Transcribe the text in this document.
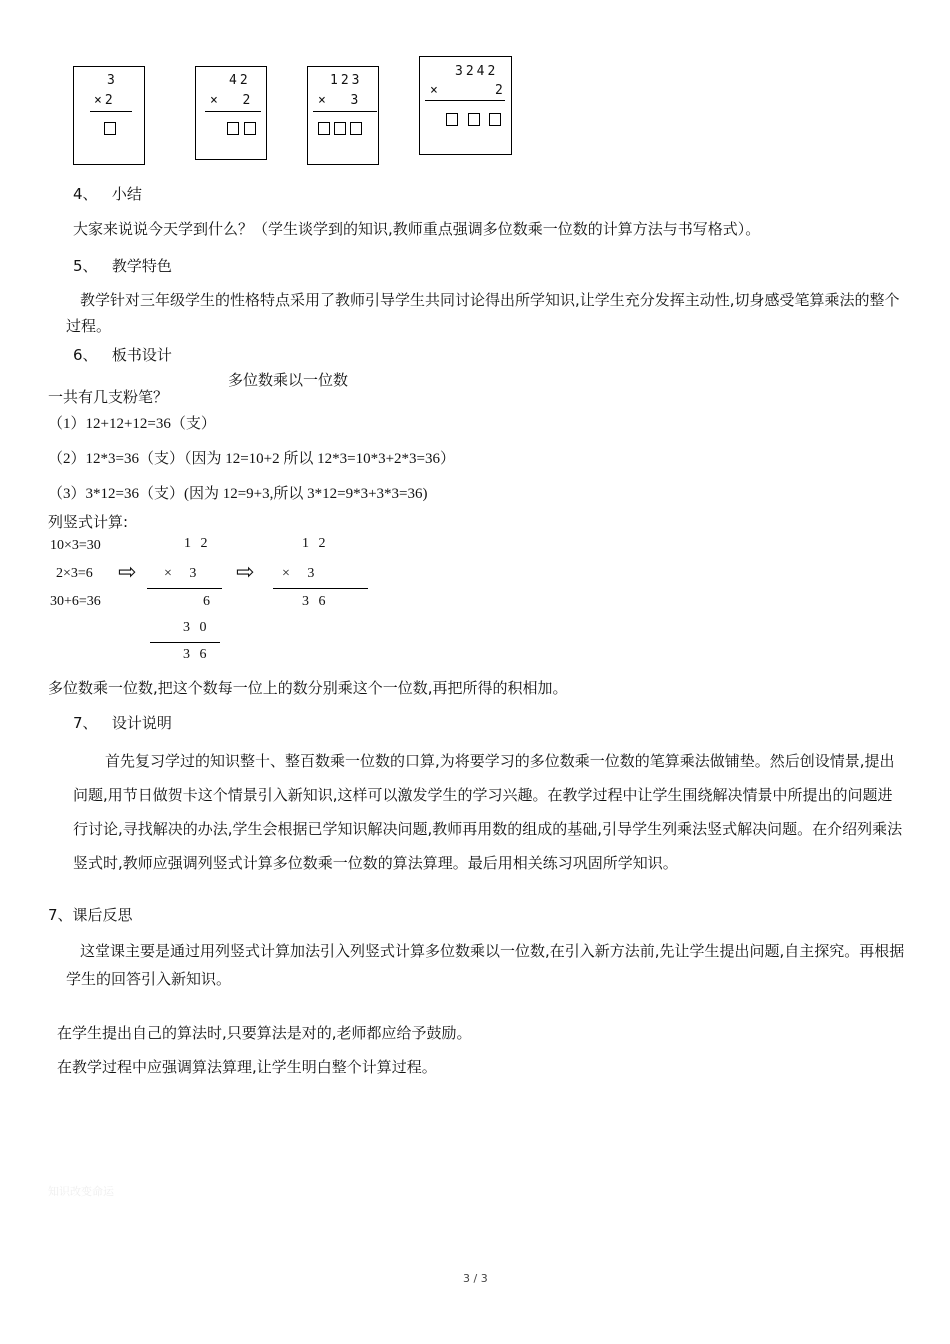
3
×2
42
×  2
123
×  3
3242
×     2
4、   小结
大家来说说今天学到什么？（学生谈学到的知识,教师重点强调多位数乘一位数的计算方法与书写格式）。
5、   教学特色
教学针对三年级学生的性格特点采用了教师引导学生共同讨论得出所学知识,让学生充分发挥主动性,切身感受笔算乘法的整个过程。
6、   板书设计
多位数乘以一位数
一共有几支粉笔？
（1）12+12+12=36（支）
（2）12*3=36（支）（因为 12=10+2 所以 12*3=10*3+2*3=36）
（3）3*12=36（支）(因为 12=9+3,所以 3*12=9*3+3*3=36)
列竖式计算:
10×3=30
2×3=6
30+6=36
⇨	⇨
1 2
×     3
6
3 0
3 6
1 2
×     3
3 6
多位数乘一位数,把这个数每一位上的数分别乘这个一位数,再把所得的积相加。
7、   设计说明
首先复习学过的知识整十、整百数乘一位数的口算,为将要学习的多位数乘一位数的笔算乘法做铺垫。然后创设情景,提出问题,用节日做贺卡这个情景引入新知识,这样可以激发学生的学习兴趣。在教学过程中让学生围绕解决情景中所提出的问题进行讨论,寻找解决的办法,学生会根据已学知识解决问题,教师再用数的组成的基础,引导学生列乘法竖式解决问题。在介绍列乘法竖式时,教师应强调列竖式计算多位数乘一位数的算法算理。最后用相关练习巩固所学知识。
7、课后反思
这堂课主要是通过用列竖式计算加法引入列竖式计算多位数乘以一位数,在引入新方法前,先让学生提出问题,自主探究。再根据学生的回答引入新知识。
在学生提出自己的算法时,只要算法是对的,老师都应给予鼓励。
在教学过程中应强调算法算理,让学生明白整个计算过程。
知识改变命运
3 / 3
